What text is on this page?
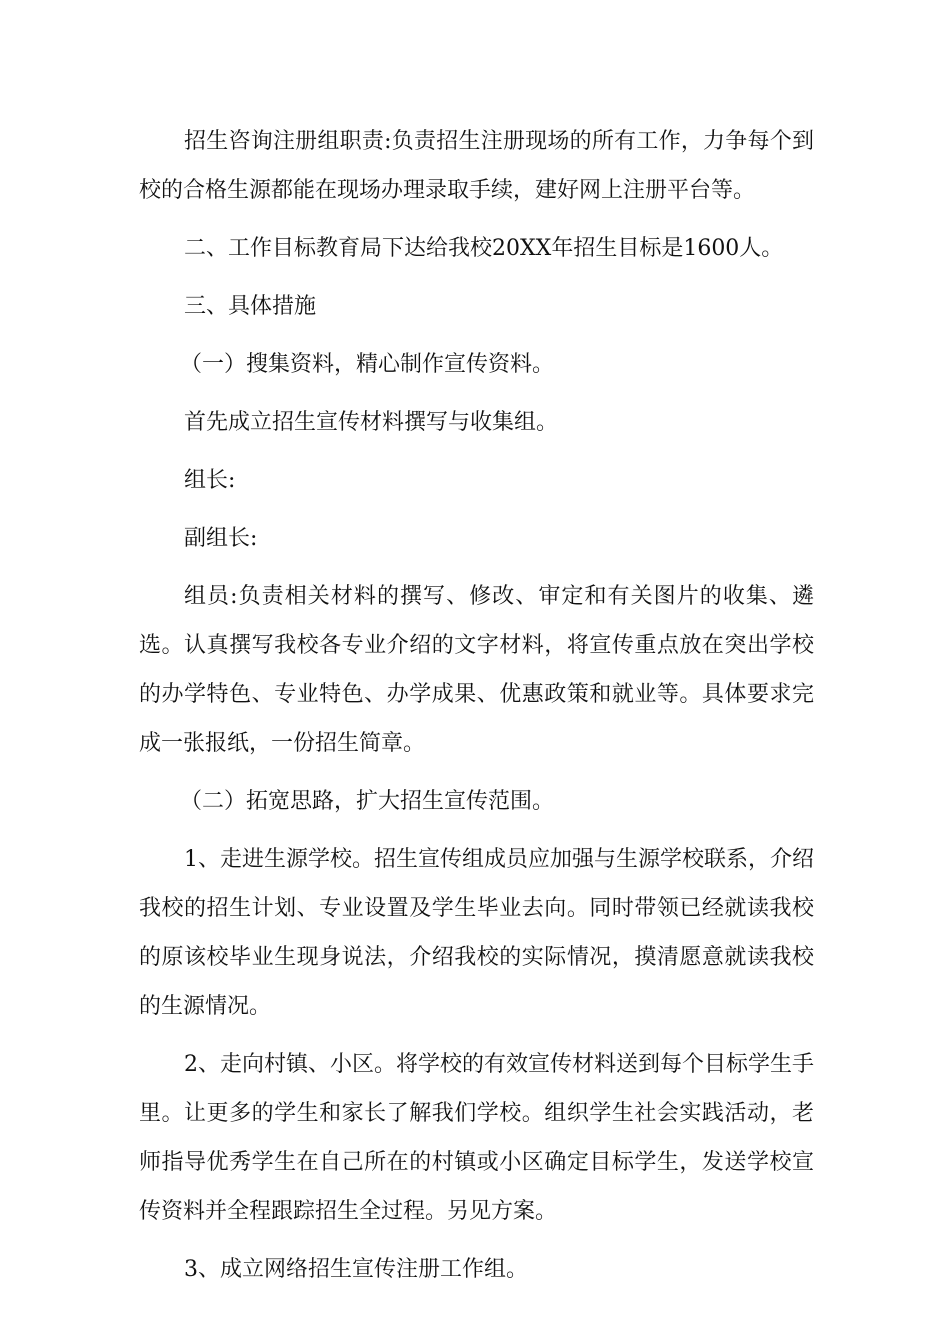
招生咨询注册组职责:负责招生注册现场的所有工作，力争每个到校的合格生源都能在现场办理录取手续，建好网上注册平台等。

二、工作目标教育局下达给我校20XX年招生目标是1600人。

三、具体措施

（一）搜集资料，精心制作宣传资料。

首先成立招生宣传材料撰写与收集组。

组长:

副组长:

组员:负责相关材料的撰写、修改、审定和有关图片的收集、遴选。认真撰写我校各专业介绍的文字材料，将宣传重点放在突出学校的办学特色、专业特色、办学成果、优惠政策和就业等。具体要求完成一张报纸，一份招生简章。

（二）拓宽思路，扩大招生宣传范围。

1、走进生源学校。招生宣传组成员应加强与生源学校联系，介绍我校的招生计划、专业设置及学生毕业去向。同时带领已经就读我校的原该校毕业生现身说法，介绍我校的实际情况，摸清愿意就读我校的生源情况。

2、走向村镇、小区。将学校的有效宣传材料送到每个目标学生手里。让更多的学生和家长了解我们学校。组织学生社会实践活动，老师指导优秀学生在自己所在的村镇或小区确定目标学生，发送学校宣传资料并全程跟踪招生全过程。另见方案。

3、成立网络招生宣传注册工作组。
